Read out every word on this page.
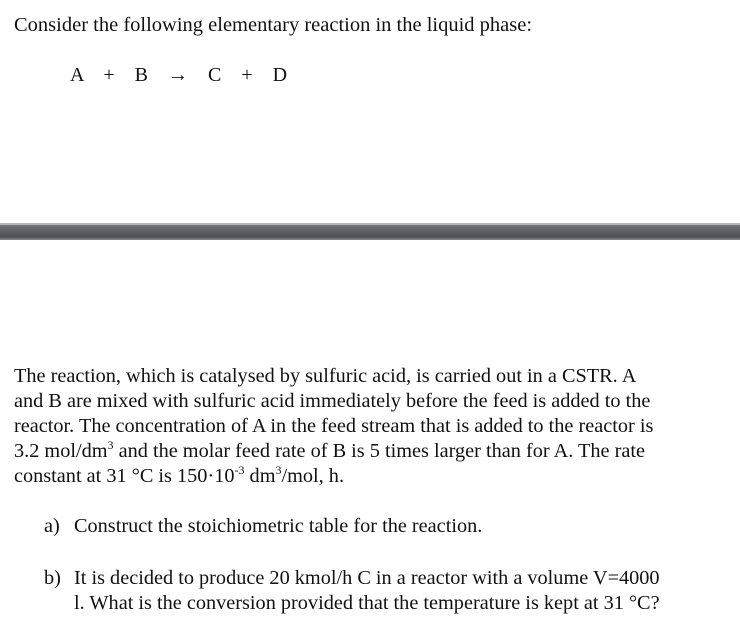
Consider the following elementary reaction in the liquid phase:

A + B → C + D
The reaction, which is catalysed by sulfuric acid, is carried out in a CSTR. A
and B are mixed with sulfuric acid immediately before the feed is added to the
reactor. The concentration of A in the feed stream that is added to the reactor is
3.2 mol/$dm^3$ and the molar feed rate of B is 5 times larger than for A. The rate
constant at 31 °C is $150\cdot 10^{-3}$ $dm^3$/mol, h.
a) Construct the stoichiometric table for the reaction.
b) It is decided to produce 20 kmol/h C in a reactor with a volume V=4000
l. What is the conversion provided that the temperature is kept at 31 °C?
